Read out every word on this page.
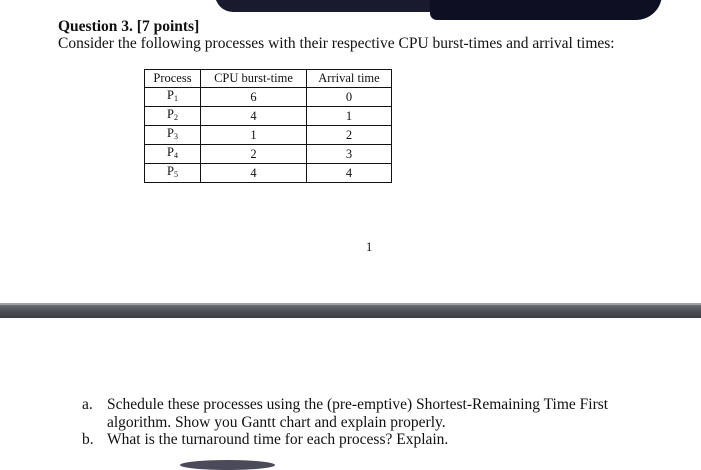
Question 3. [7 points]
Consider the following processes with their respective CPU burst-times and arrival times:
Process	CPU burst-time	Arrival time
$P_1$	6	0
$P_2$	4	1
$P_3$	1	2
$P_4$	2	3
$P_5$	4	4
1
a. Schedule these processes using the (pre-emptive) Shortest-Remaining Time First
algorithm. Show you Gantt chart and explain properly.
b. What is the turnaround time for each process? Explain.
